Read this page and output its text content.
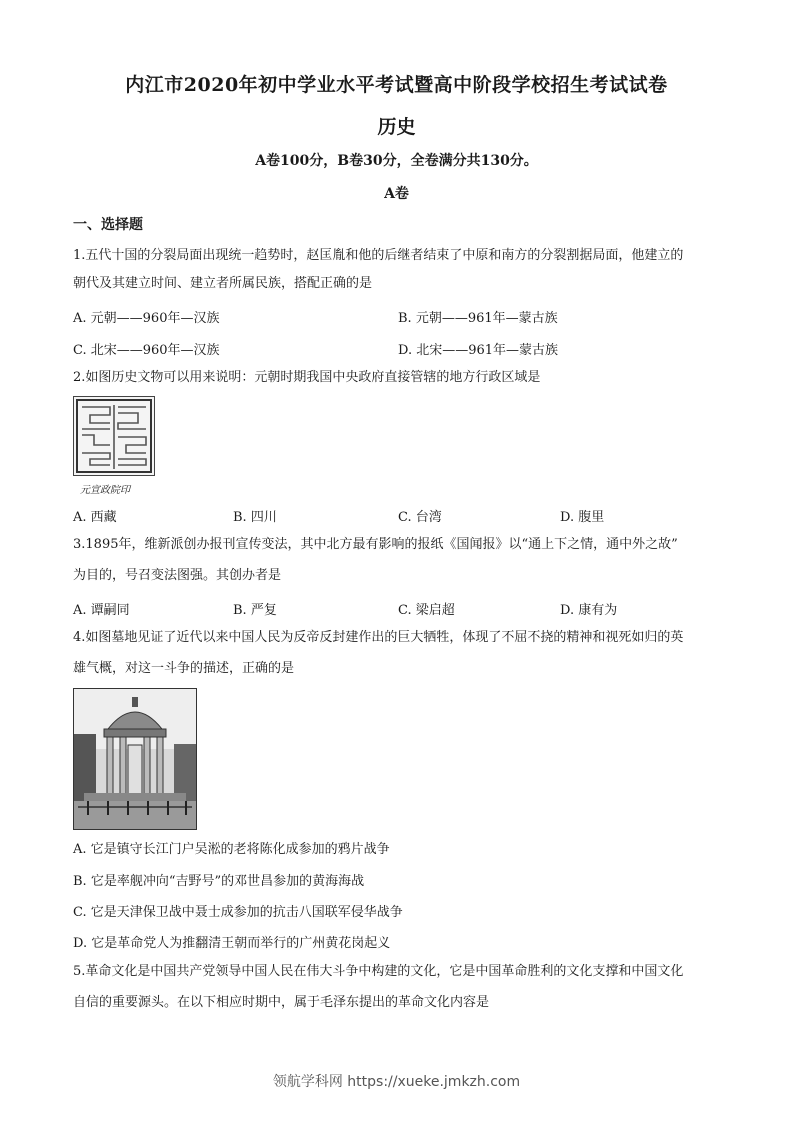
内江市2020年初中学业水平考试暨高中阶段学校招生考试试卷
历史
A卷100分，B卷30分，全卷满分共130分。
A卷
一、选择题
1.五代十国的分裂局面出现统一趋势时，赵匡胤和他的后继者结束了中原和南方的分裂割据局面，他建立的
朝代及其建立时间、建立者所属民族，搭配正确的是
A. 元朝——960年—汉族	B. 元朝——961年—蒙古族
C. 北宋——960年—汉族	D. 北宋——961年—蒙古族
2.如图历史文物可以用来说明：元朝时期我国中央政府直接管辖的地方行政区域是
元宣政院印
A. 西藏	B. 四川	C. 台湾	D. 腹里
3.1895年，维新派创办报刊宣传变法，其中北方最有影响的报纸《国闻报》以“通上下之情，通中外之故”
为目的，号召变法图强。其创办者是
A. 谭嗣同	B. 严复	C. 梁启超	D. 康有为
4.如图墓地见证了近代以来中国人民为反帝反封建作出的巨大牺牲，体现了不屈不挠的精神和视死如归的英
雄气概，对这一斗争的描述，正确的是
A. 它是镇守长江门户吴淞的老将陈化成参加的鸦片战争
B. 它是率舰冲向“吉野号”的邓世昌参加的黄海海战
C. 它是天津保卫战中聂士成参加的抗击八国联军侵华战争
D. 它是革命党人为推翻清王朝而举行的广州黄花岗起义
5.革命文化是中国共产党领导中国人民在伟大斗争中构建的文化，它是中国革命胜利的文化支撑和中国文化
自信的重要源头。在以下相应时期中，属于毛泽东提出的革命文化内容是
领航学科网 https://xueke.jmkzh.com
